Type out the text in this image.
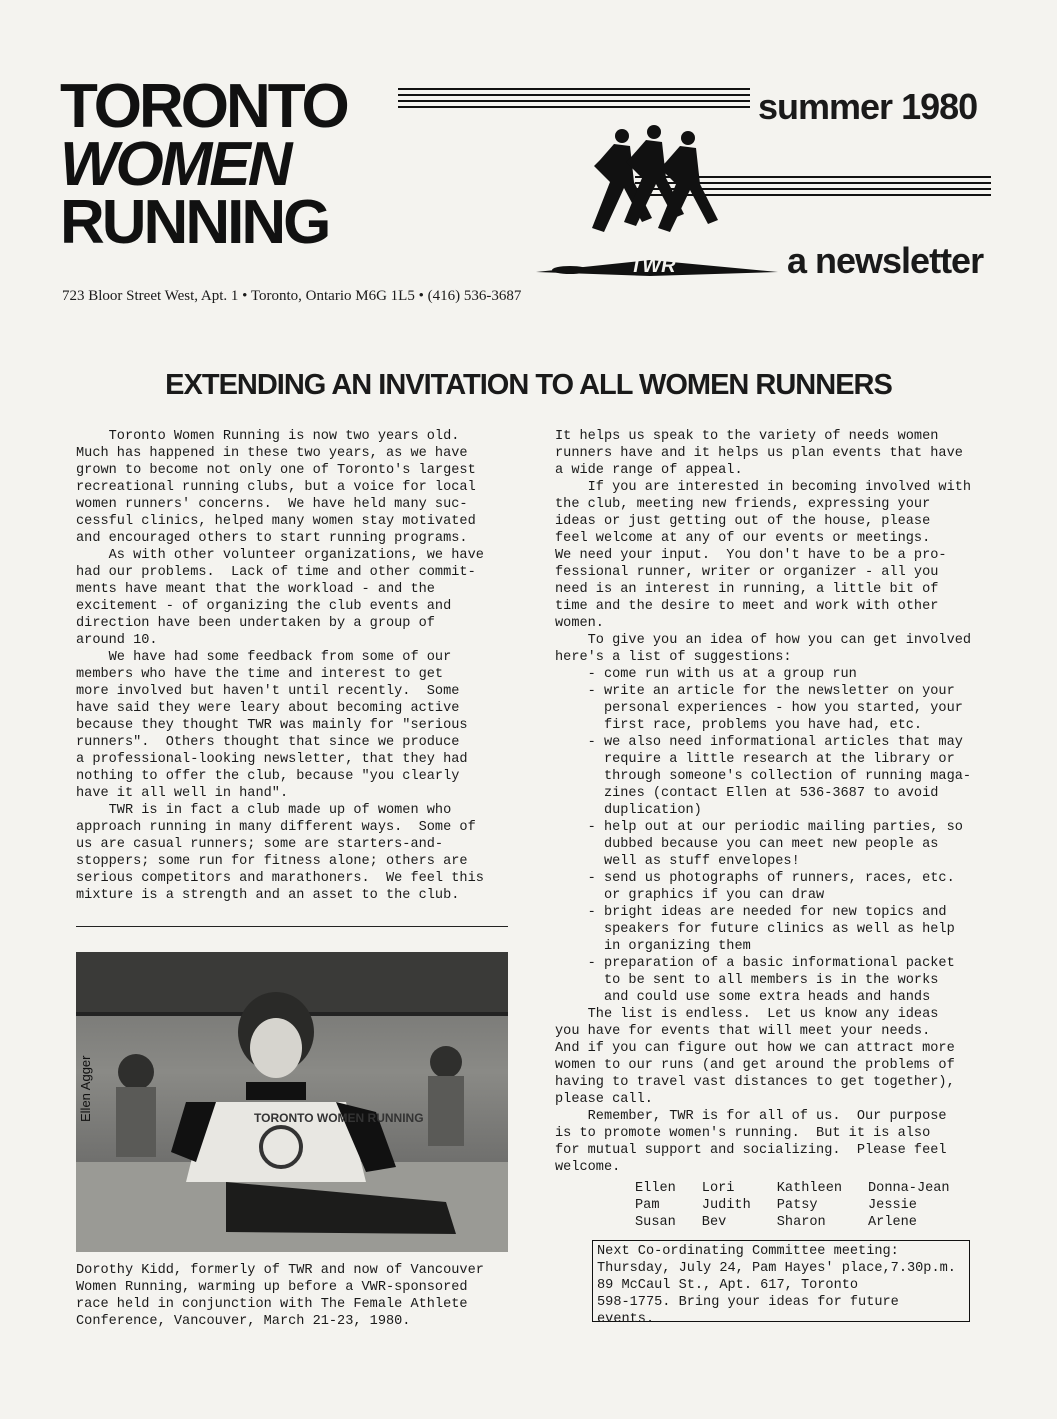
TORONTO
WOMEN
RUNNING
summer 1980
TWR	a newsletter
723 Bloor Street West, Apt. 1 • Toronto, Ontario M6G 1L5 • (416) 536-3687
EXTENDING AN INVITATION TO ALL WOMEN RUNNERS
Toronto Women Running is now two years old.
Much has happened in these two years, as we have
grown to become not only one of Toronto's largest
recreational running clubs, but a voice for local
women runners' concerns.  We have held many suc-
cessful clinics, helped many women stay motivated
and encouraged others to start running programs.
As with other volunteer organizations, we have
had our problems.  Lack of time and other commit-
ments have meant that the workload - and the
excitement - of organizing the club events and
direction have been undertaken by a group of
around 10.
We have had some feedback from some of our
members who have the time and interest to get
more involved but haven't until recently.  Some
have said they were leary about becoming active
because they thought TWR was mainly for "serious
runners".  Others thought that since we produce
a professional-looking newsletter, that they had
nothing to offer the club, because "you clearly
have it all well in hand".
TWR is in fact a club made up of women who
approach running in many different ways.  Some of
us are casual runners; some are starters-and-
stoppers; some run for fitness alone; others are
serious competitors and marathoners.  We feel this
mixture is a strength and an asset to the club.
It helps us speak to the variety of needs women
runners have and it helps us plan events that have
a wide range of appeal.
If you are interested in becoming involved with
the club, meeting new friends, expressing your
ideas or just getting out of the house, please
feel welcome at any of our events or meetings.
We need your input.  You don't have to be a pro-
fessional runner, writer or organizer - all you
need is an interest in running, a little bit of
time and the desire to meet and work with other
women.
To give you an idea of how you can get involved
here's a list of suggestions:
- come run with us at a group run
- write an article for the newsletter on your
personal experiences - how you started, your
first race, problems you have had, etc.
- we also need informational articles that may
require a little research at the library or
through someone's collection of running maga-
zines (contact Ellen at 536-3687 to avoid
duplication)
- help out at our periodic mailing parties, so
dubbed because you can meet new people as
well as stuff envelopes!
- send us photographs of runners, races, etc.
or graphics if you can draw
- bright ideas are needed for new topics and
speakers for future clinics as well as help
in organizing them
- preparation of a basic informational packet
to be sent to all members is in the works
and could use some extra heads and hands
The list is endless.  Let us know any ideas
you have for events that will meet your needs.
And if you can figure out how we can attract more
women to our runs (and get around the problems of
having to travel vast distances to get together),
please call.
Remember, TWR is for all of us.  Our purpose
is to promote women's running.  But it is also
for mutual support and socializing.  Please feel
welcome.
TORONTO WOMEN RUNNING
Ellen Agger
Dorothy Kidd, formerly of TWR and now of Vancouver
Women Running, warming up before a VWR-sponsored
race held in conjunction with The Female Athlete
Conference, Vancouver, March 21-23, 1980.
Ellen	Lori	Kathleen	Donna-Jean
Pam	Judith	Patsy	Jessie
Susan	Bev	Sharon	Arlene
Next Co-ordinating Committee meeting:
Thursday, July 24, Pam Hayes' place,7.30p.m.
89 McCaul St., Apt. 617, Toronto
598-1775. Bring your ideas for future
events.
